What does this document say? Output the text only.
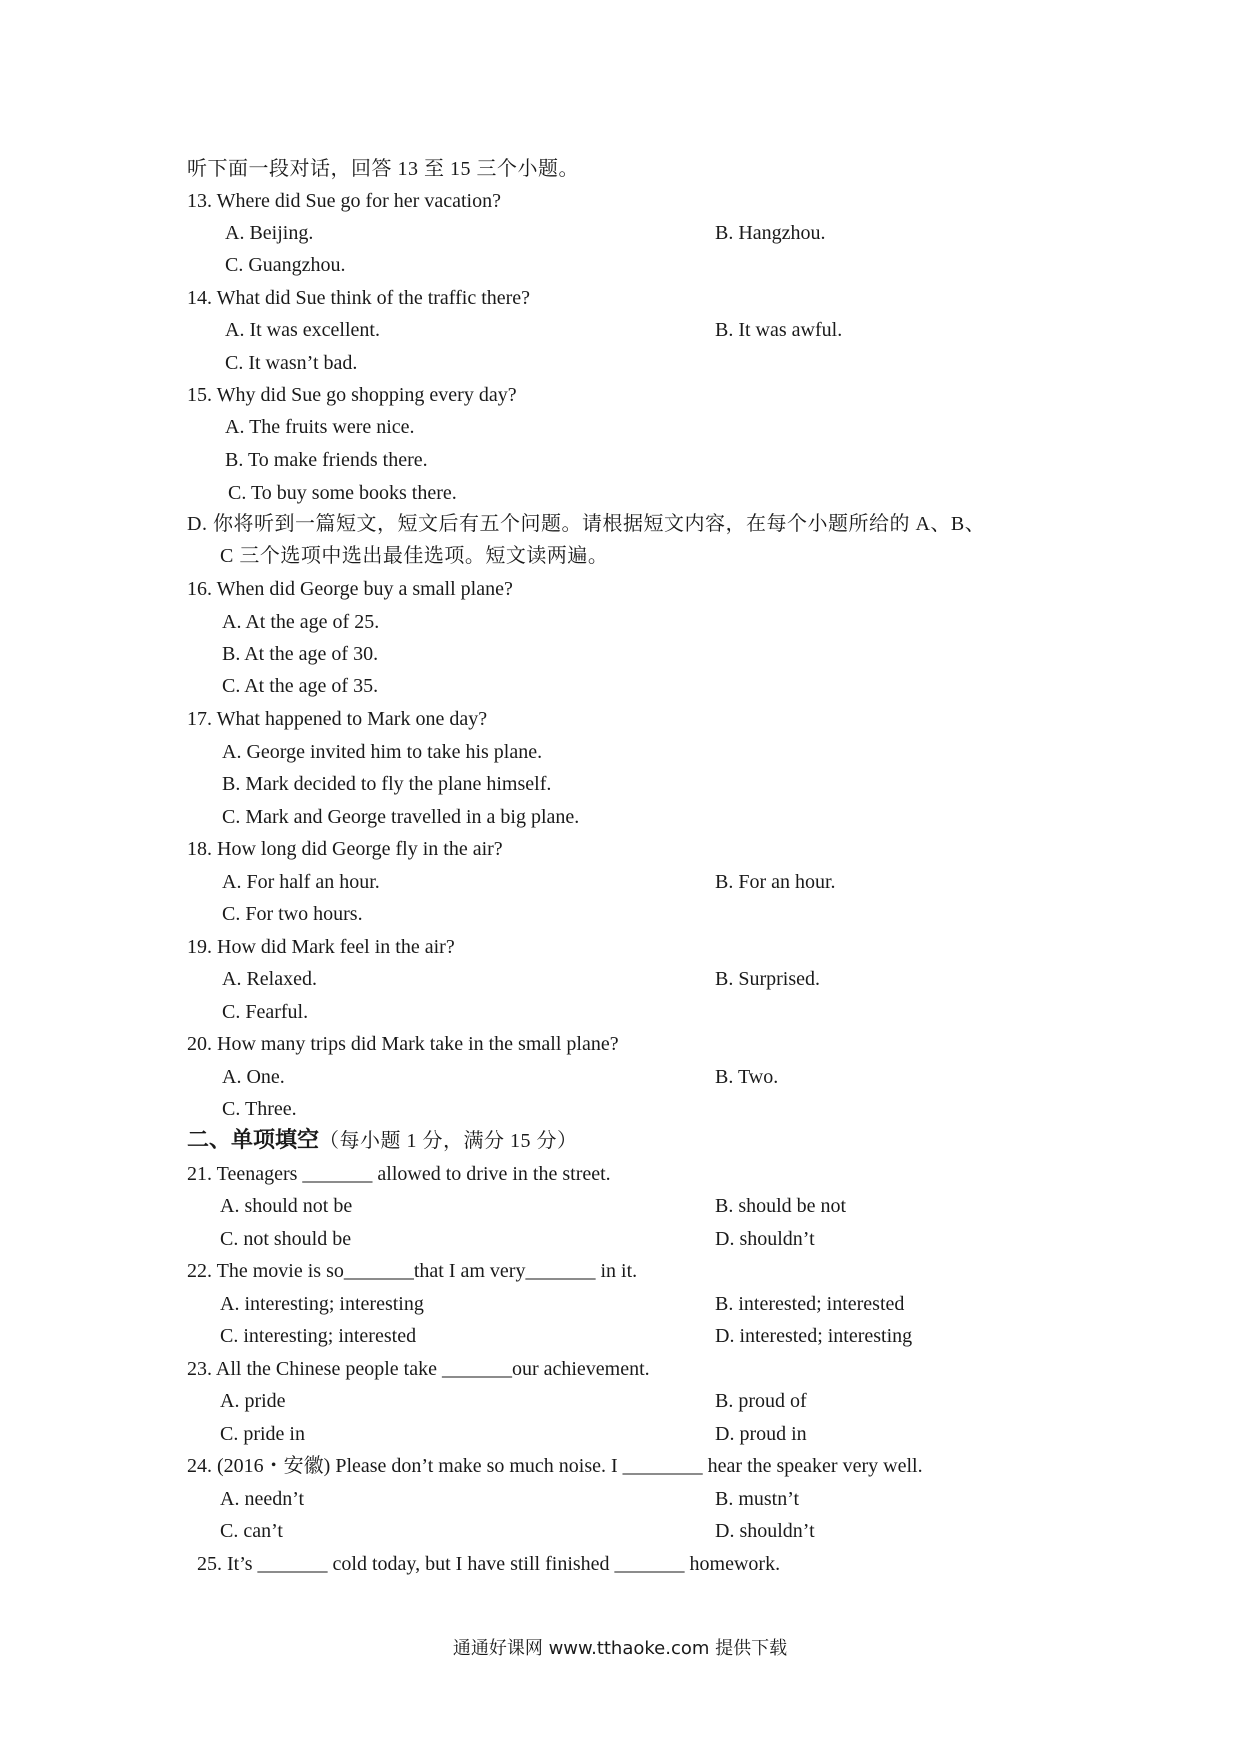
听下面一段对话，回答 13 至 15 三个小题。
13. Where did Sue go for her vacation?
A. Beijing.	B. Hangzhou.
C. Guangzhou.
14. What did Sue think of the traffic there?
A. It was excellent.	B. It was awful.
C. It wasn’t bad.
15. Why did Sue go shopping every day?
A. The fruits were nice.
B. To make friends there.
C. To buy some books there.
D. 你将听到一篇短文，短文后有五个问题。请根据短文内容，在每个小题所给的 A、B、
C 三个选项中选出最佳选项。短文读两遍。
16. When did George buy a small plane?
A. At the age of 25.
B. At the age of 30.
C. At the age of 35.
17. What happened to Mark one day?
A. George invited him to take his plane.
B. Mark decided to fly the plane himself.
C. Mark and George travelled in a big plane.
18. How long did George fly in the air?
A. For half an hour.	B. For an hour.
C. For two hours.
19. How did Mark feel in the air?
A. Relaxed.	B. Surprised.
C. Fearful.
20. How many trips did Mark take in the small plane?
A. One.	B. Two.
C. Three.
二、单项填空（每小题 1 分，满分 15 分）
21. Teenagers _______ allowed to drive in the street.
A. should not be	B. should be not
C. not should be	D. shouldn’t
22. The movie is so_______that I am very_______ in it.
A. interesting; interesting	B. interested; interested
C. interesting; interested	D. interested; interesting
23. All the Chinese people take _______our achievement.
A. pride	B. proud of
C. pride in	D. proud in
24. (2016・安徽) Please don’t make so much noise. I ________ hear the speaker very well.
A. needn’t	B. mustn’t
C. can’t	D. shouldn’t
25. It’s _______ cold today, but I have still finished _______ homework.
通通好课网 www.tthaoke.com 提供下载
